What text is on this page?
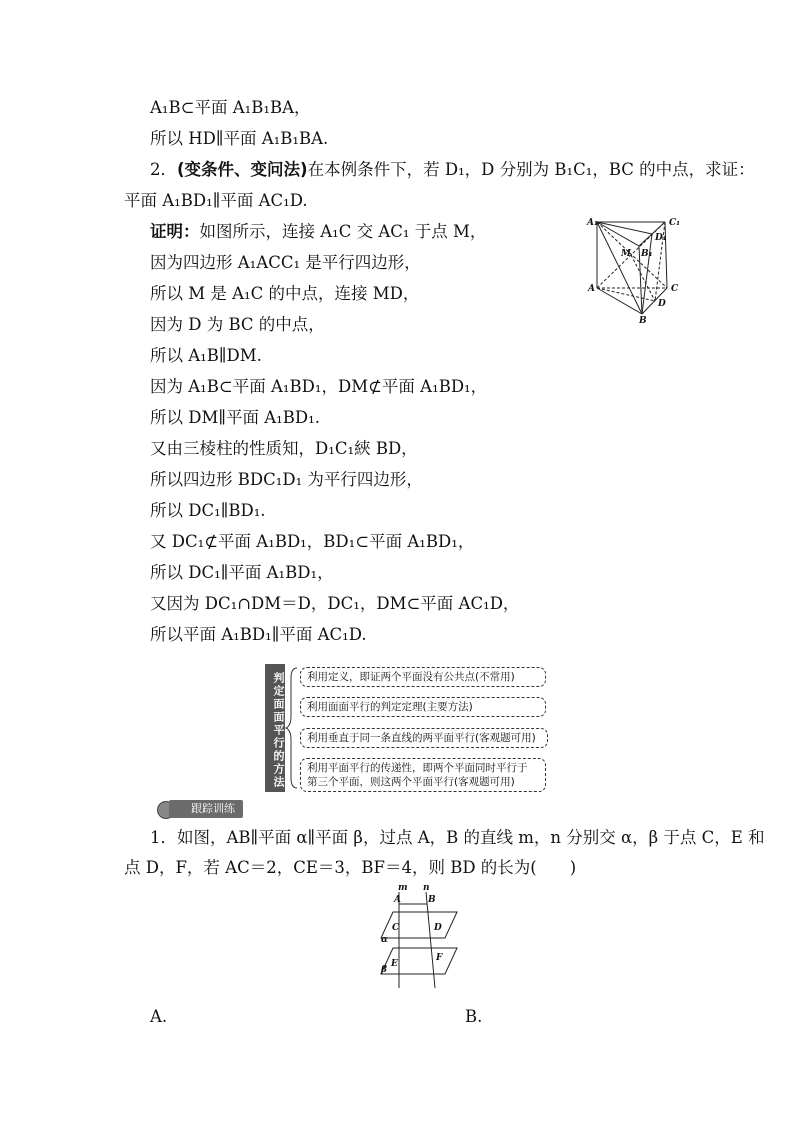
A₁B⊂平面 A₁B₁BA，
所以 HD∥平面 A₁B₁BA.
2．(变条件、变问法)在本例条件下，若 D₁，D 分别为 B₁C₁，BC 的中点，求证：
平面 A₁BD₁∥平面 AC₁D.
证明：如图所示，连接 A₁C 交 AC₁ 于点 M，
因为四边形 A₁ACC₁ 是平行四边形，
所以 M 是 A₁C 的中点，连接 MD，
因为 D 为 BC 的中点，
所以 A₁B∥DM.
因为 A₁B⊂平面 A₁BD₁，DM⊄平面 A₁BD₁，
所以 DM∥平面 A₁BD₁.
又由三棱柱的性质知，D₁C₁綊 BD，
所以四边形 BDC₁D₁ 为平行四边形，
所以 DC₁∥BD₁.
又 DC₁⊄平面 A₁BD₁，BD₁⊂平面 A₁BD₁，
所以 DC₁∥平面 A₁BD₁，
又因为 DC₁∩DM＝D，DC₁，DM⊂平面 AC₁D，
所以平面 A₁BD₁∥平面 AC₁D.
A₁	C₁
B₁
D₁
M
A	C
D
B
判定面面平行的方法	利用定义，即证两个平面没有公共点(不常用)
利用面面平行的判定定理(主要方法)
利用垂直于同一条直线的两平面平行(客观题可用)
利用平面平行的传递性，即两个平面同时平行于
第三个平面，则这两个平面平行(客观题可用)
跟踪训练
1．如图，AB∥平面 α∥平面 β，过点 A，B 的直线 m，n 分别交 α，β 于点 C，E 和
点 D，F，若 AC＝2，CE＝3，BF＝4，则 BD 的长为(　　)
m n
A	B
C	D
α
β
E
F
A.	B.
